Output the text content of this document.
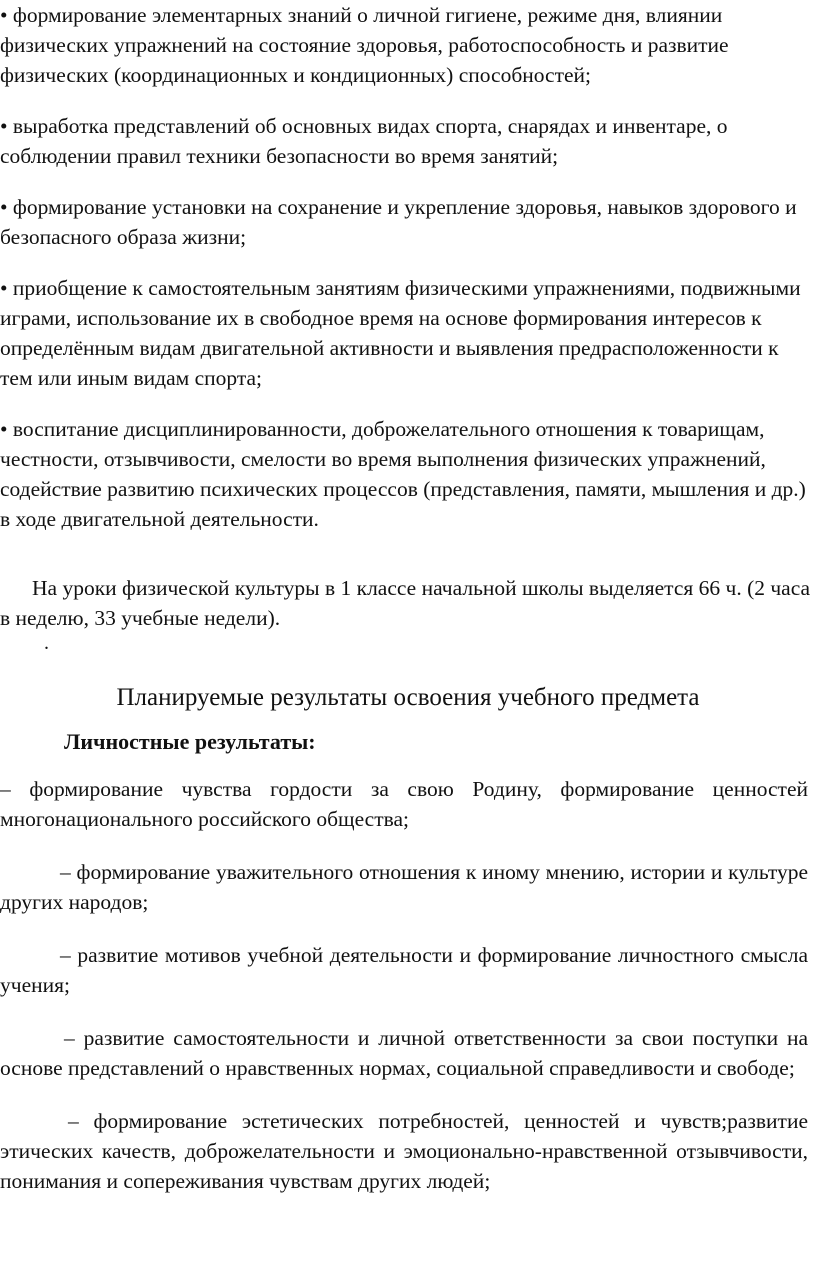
• формирование элементарных знаний о личной гигиене, режиме дня, влиянии физических упражнений на состояние здоровья, работоспособность и развитие физических (координационных и кондиционных) способностей;

• выработка представлений об основных видах спорта, снарядах и инвентаре, о соблюдении правил техники безопасности во время занятий;

• формирование установки на сохранение и укрепление здоровья, навыков здорового и безопасного образа жизни;

• приобщение к самостоятельным занятиям физическими упражнениями, подвижными играми, использование их в свободное время на основе формирования интересов к определённым видам двигательной активности и выявления предрасположенности к тем или иным видам спорта;

• воспитание дисциплинированности, доброжелательного отношения к товарищам, честности, отзывчивости, смелости во время выполнения физических упражнений, содействие развитию психических процессов (представления, памяти, мышления и др.) в ходе двигательной деятельности.

На уроки физической культуры в 1 классе начальной школы выделяется 66 ч. (2 часа в неделю, 33 учебные недели).

.
Планируемые результаты освоения учебного предмета
Личностные результаты:

– формирование чувства гордости за свою Родину, формирование ценностей многонационального российского общества;

– формирование уважительного отношения к иному мнению, истории и культуре других народов;

– развитие мотивов учебной деятельности и формирование личностного смысла учения;

– развитие самостоятельности и личной ответственности за свои поступки на основе представлений о нравственных нормах, социальной справедливости и свободе;

– формирование эстетических потребностей, ценностей и чувств;развитие этических качеств, доброжелательности и эмоционально-нравственной отзывчивости, понимания и сопереживания чувствам других людей;
